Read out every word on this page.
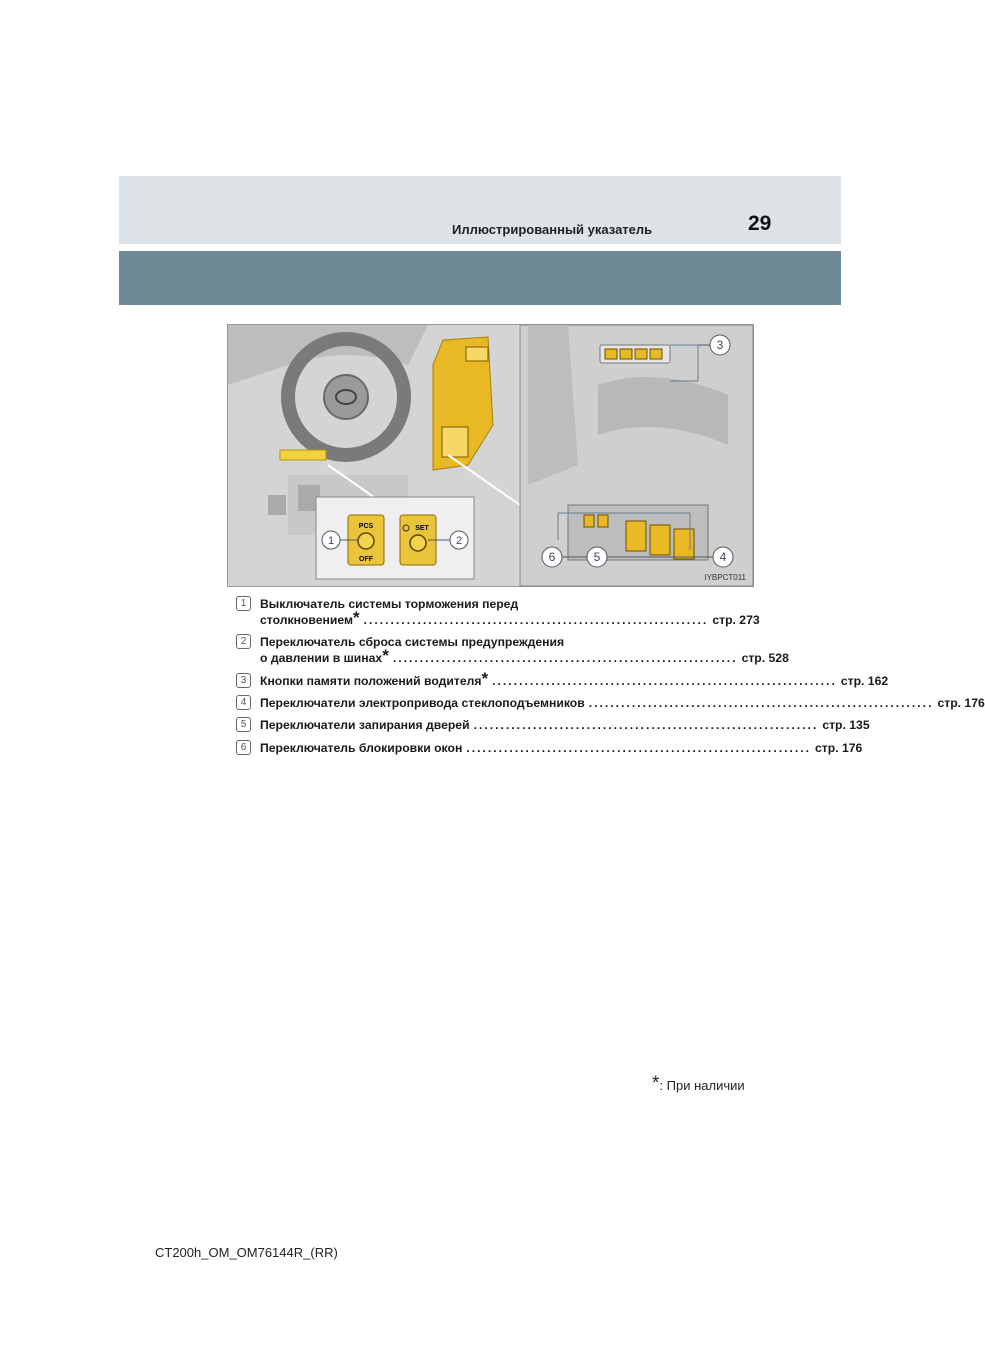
Иллюстрированный указатель	29
PCS
OFF
SET
1	2
3
6	5	4
IYBPCT011
1	Выключатель системы торможения перед
столкновением* ................................................................ стр. 273
2	Переключатель сброса системы предупреждения
о давлении в шинах* ................................................................ стр. 528
3	Кнопки памяти положений водителя* ................................................................ стр. 162
4	Переключатели электропривода стеклоподъемников ................................................................ стр. 176
5	Переключатели запирания дверей ................................................................ стр. 135
6	Переключатель блокировки окон ................................................................ стр. 176
*: При наличии
CT200h_OM_OM76144R_(RR)
